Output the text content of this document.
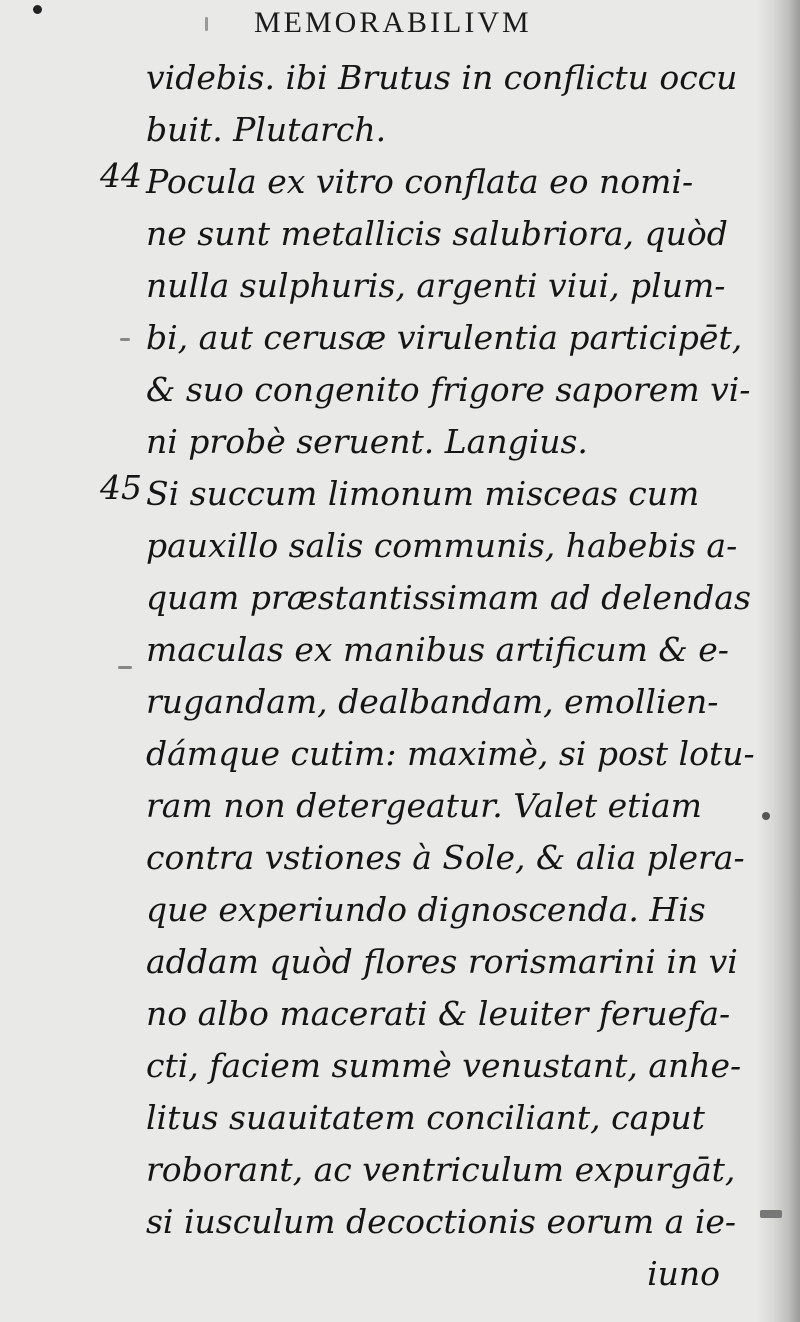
MEMORABILIVM
44
45
videbis. ibi Brutus in conflictu occu
buit. Plutarch.
Pocula ex vitro conflata eo nomi-
ne sunt metallicis salubriora, quòd
nulla sulphuris, argenti viui, plum-
bi, aut cerusæ virulentia participēt,
& suo congenito frigore saporem vi-
ni probè seruent. Langius.
Si succum limonum misceas cum
pauxillo salis communis, habebis a-
quam præstantissimam ad delendas
maculas ex manibus artificum & e-
rugandam, dealbandam, emollien-
dámque cutim: maximè, si post lotu-
ram non detergeatur. Valet etiam
contra vstiones à Sole, & alia plera-
que experiundo dignoscenda. His
addam quòd flores rorismarini in vi
no albo macerati & leuiter feruefa-
cti, faciem summè venustant, anhe-
litus suauitatem conciliant, caput
roborant, ac ventriculum expurgāt,
si iusculum decoctionis eorum a ie-
iuno
